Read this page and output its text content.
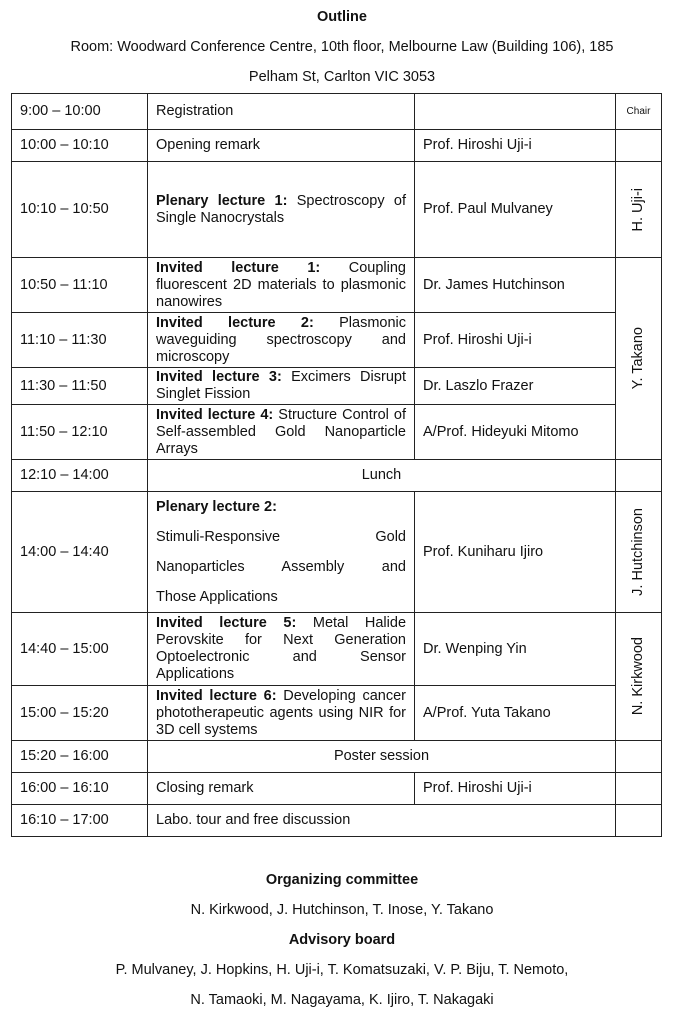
Outline
Room: Woodward Conference Centre, 10th floor, Melbourne Law (Building 106), 185
Pelham St, Carlton VIC 3053
9:00 – 10:00	Registration		Chair
10:00 – 10:10	Opening remark	Prof. Hiroshi Uji-i	
10:10 – 10:50	Plenary lecture 1: Spectroscopy of Single Nanocrystals	Prof. Paul Mulvaney	H. Uji-i

10:50 – 11:10	Invited lecture 1: Coupling fluorescent 2D materials to plasmonic nanowires	Dr. James Hutchinson	Y. Takano

11:10 – 11:30	Invited lecture 2: Plasmonic waveguiding spectroscopy and microscopy	Prof. Hiroshi Uji-i	
11:30 – 11:50	Invited lecture 3: Excimers Disrupt Singlet Fission	Dr. Laszlo Frazer	
11:50 – 12:10	Invited lecture 4: Structure Control of Self-assembled Gold Nanoparticle Arrays	A/Prof. Hideyuki Mitomo	
12:10 – 14:00	Lunch		
14:00 – 14:40	Plenary lecture 2:

Stimuli-Responsive Gold

Nanoparticles Assembly and

Those Applications	Prof. Kuniharu Ijiro	J. Hutchinson

14:40 – 15:00	Invited lecture 5: Metal Halide Perovskite for Next Generation Optoelectronic and Sensor Applications	Dr. Wenping Yin	N. Kirkwood

15:00 – 15:20	Invited lecture 6: Developing cancer phototherapeutic agents using NIR for 3D cell systems	A/Prof. Yuta Takano	
15:20 – 16:00	Poster session		
16:00 – 16:10	Closing remark	Prof. Hiroshi Uji-i	
16:10 – 17:00	Labo. tour and free discussion		
Organizing committee
N. Kirkwood, J. Hutchinson, T. Inose, Y. Takano
Advisory board
P. Mulvaney, J. Hopkins, H. Uji-i, T. Komatsuzaki, V. P. Biju, T. Nemoto,
N. Tamaoki, M. Nagayama, K. Ijiro, T. Nakagaki
